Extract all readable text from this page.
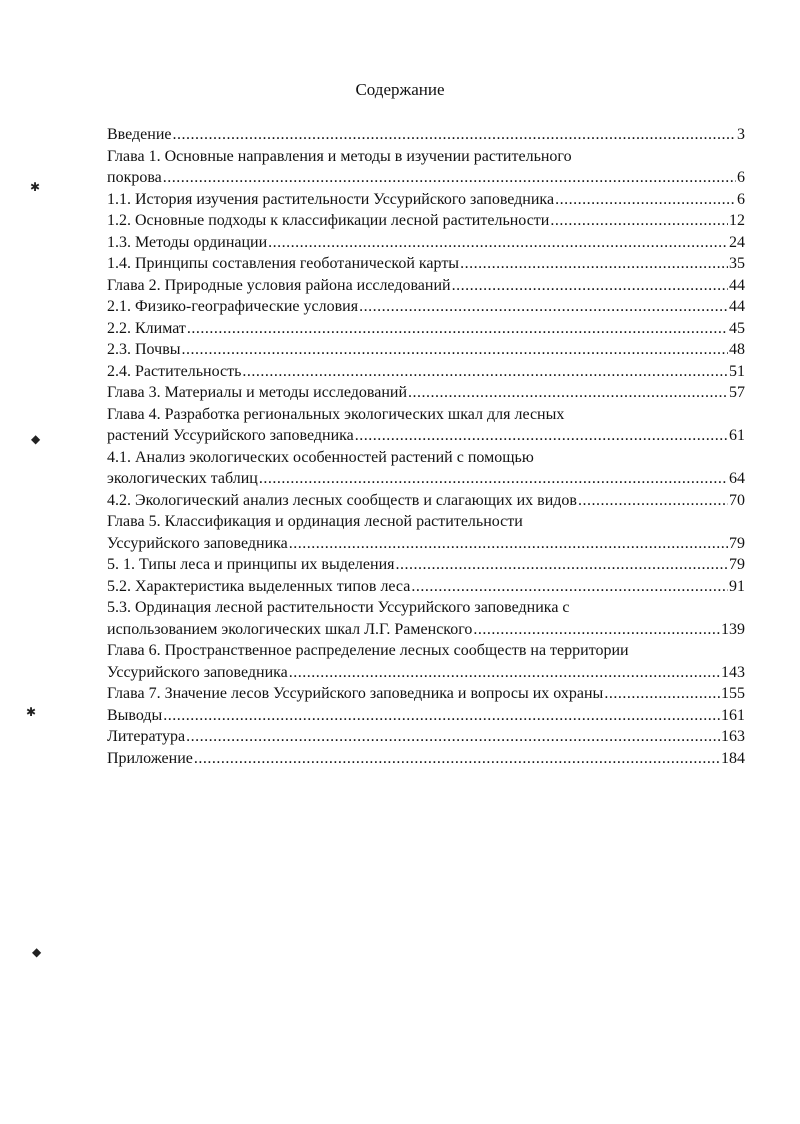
Содержание
Введение .....	3
Глава 1. Основные направления и методы в изучении растительного
покрова .....	6
1.1. История изучения растительности Уссурийского заповедника .....	6
1.2. Основные подходы к классификации лесной растительности .....	12
1.3. Методы ординации .....	24
1.4. Принципы составления геоботанической карты .....	35
Глава 2. Природные условия района исследований .....	44
2.1. Физико-географические условия .....	44
2.2. Климат .....	45
2.3. Почвы .....	48
2.4. Растительность .....	51
Глава 3. Материалы и методы исследований .....	57
Глава 4. Разработка региональных экологических шкал для лесных
растений Уссурийского заповедника .....	61
4.1. Анализ экологических особенностей растений с помощью
экологических таблиц .....	64
4.2. Экологический анализ лесных сообществ и слагающих их видов .....	70
Глава 5. Классификация и ординация лесной растительности
Уссурийского заповедника .....	79
5. 1. Типы леса и принципы их выделения .....	79
5.2. Характеристика выделенных типов леса .....	91
5.3. Ординация лесной растительности Уссурийского заповедника с
использованием экологических шкал Л.Г. Раменского .....	139
Глава 6. Пространственное распределение лесных сообществ на территории
Уссурийского заповедника .....	143
Глава 7. Значение лесов Уссурийского заповедника и вопросы их охраны .....	155
Выводы .....	161
Литература .....	163
Приложение .....	184
✱
◆
✱
◆
